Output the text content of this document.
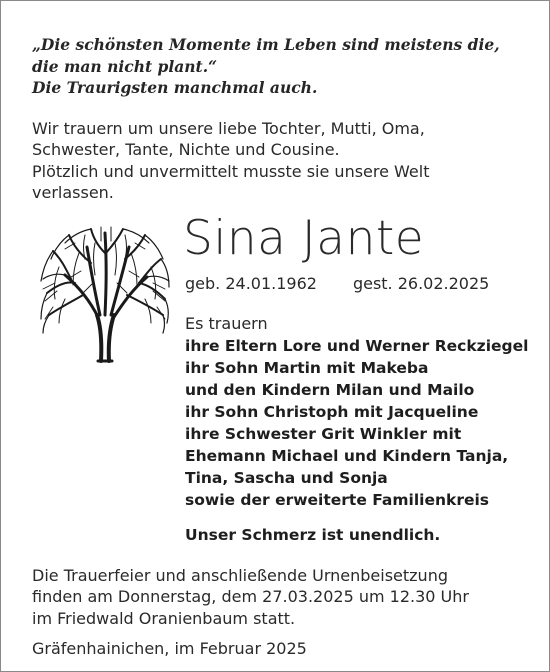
„Die schönsten Momente im Leben sind meistens die,
die man nicht plant.“
Die Traurigsten manchmal auch.
Wir trauern um unsere liebe Tochter, Mutti, Oma,
Schwester, Tante, Nichte und Cousine.
Plötzlich und unvermittelt musste sie unsere Welt
verlassen.
Sina Jante
geb. 24.01.1962 gest. 26.02.2025
Es trauern
ihre Eltern Lore und Werner Reckziegel
ihr Sohn Martin mit Makeba
und den Kindern Milan und Mailo
ihr Sohn Christoph mit Jacqueline
ihre Schwester Grit Winkler mit
Ehemann Michael und Kindern Tanja,
Tina, Sascha und Sonja
sowie der erweiterte Familienkreis
Unser Schmerz ist unendlich.
Die Trauerfeier und anschließende Urnenbeisetzung
finden am Donnerstag, dem 27.03.2025 um 12.30 Uhr
im Friedwald Oranienbaum statt.
Gräfenhainichen, im Februar 2025
